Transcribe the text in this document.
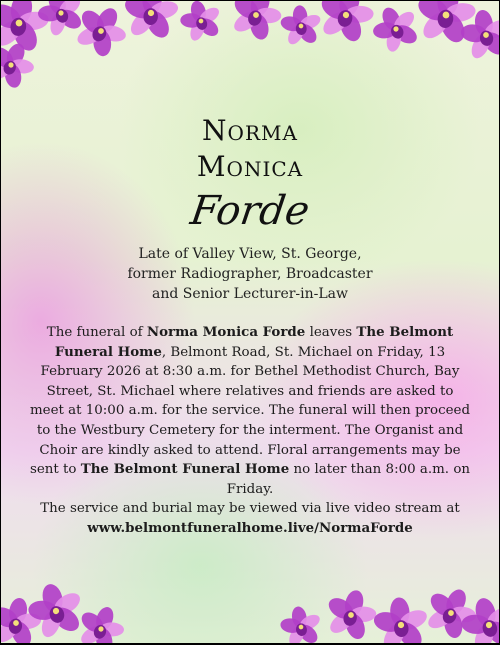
Norma
Monica
Forde
Late of Valley View, St. George,
former Radiographer, Broadcaster
and Senior Lecturer-in-Law
The funeral of Norma Monica Forde leaves The Belmont Funeral Home, Belmont Road, St. Michael on Friday, 13 February 2026 at 8:30 a.m. for Bethel Methodist Church, Bay Street, St. Michael where relatives and friends are asked to meet at 10:00 a.m. for the service. The funeral will then proceed to the Westbury Cemetery for the interment. The Organist and Choir are kindly asked to attend. Floral arrangements may be sent to The Belmont Funeral Home no later than 8:00 a.m. on Friday.
The service and burial may be viewed via live video stream at www.belmontfuneralhome.live/NormaForde
